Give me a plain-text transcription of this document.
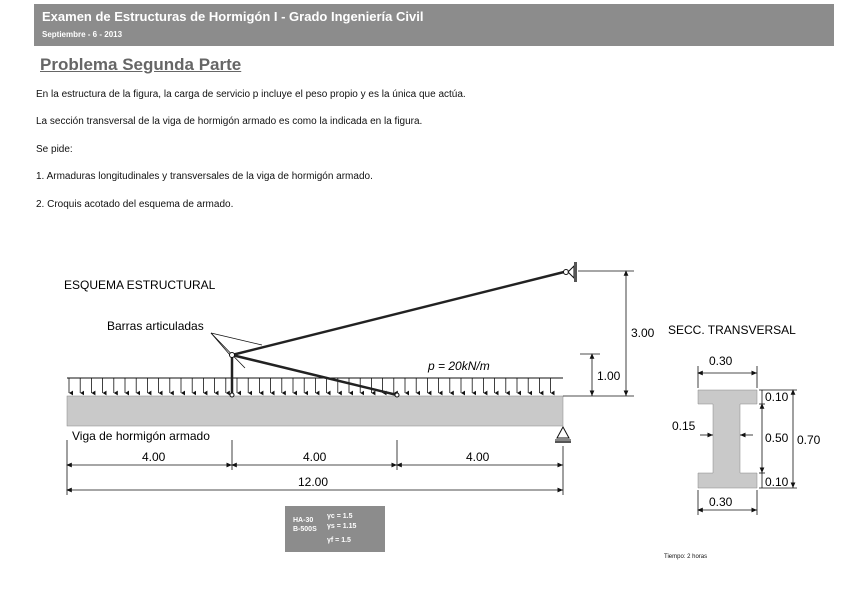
Examen de Estructuras de Hormigón I - Grado Ingeniería Civil
Septiembre - 6 - 2013
Problema Segunda Parte
En la estructura de la figura, la carga de servicio p incluye el peso propio y es la única que actúa.
La sección transversal de la viga de hormigón armado es como la indicada en la figura.
Se pide:
1. Armaduras longitudinales y transversales de la viga de hormigón armado.
2. Croquis acotado del esquema de armado.
ESQUEMA ESTRUCTURAL
Barras articuladas
Viga de hormigón armado
p = 20kN/m
3.00
1.00
4.00	4.00	4.00
12.00
SECC. TRANSVERSAL
0.30
0.10
0.15
0.50 0.70
0.10
0.30
HA-30
B-500S
γc = 1.5
γs = 1.15
γf = 1.5
Tiempo: 2 horas
